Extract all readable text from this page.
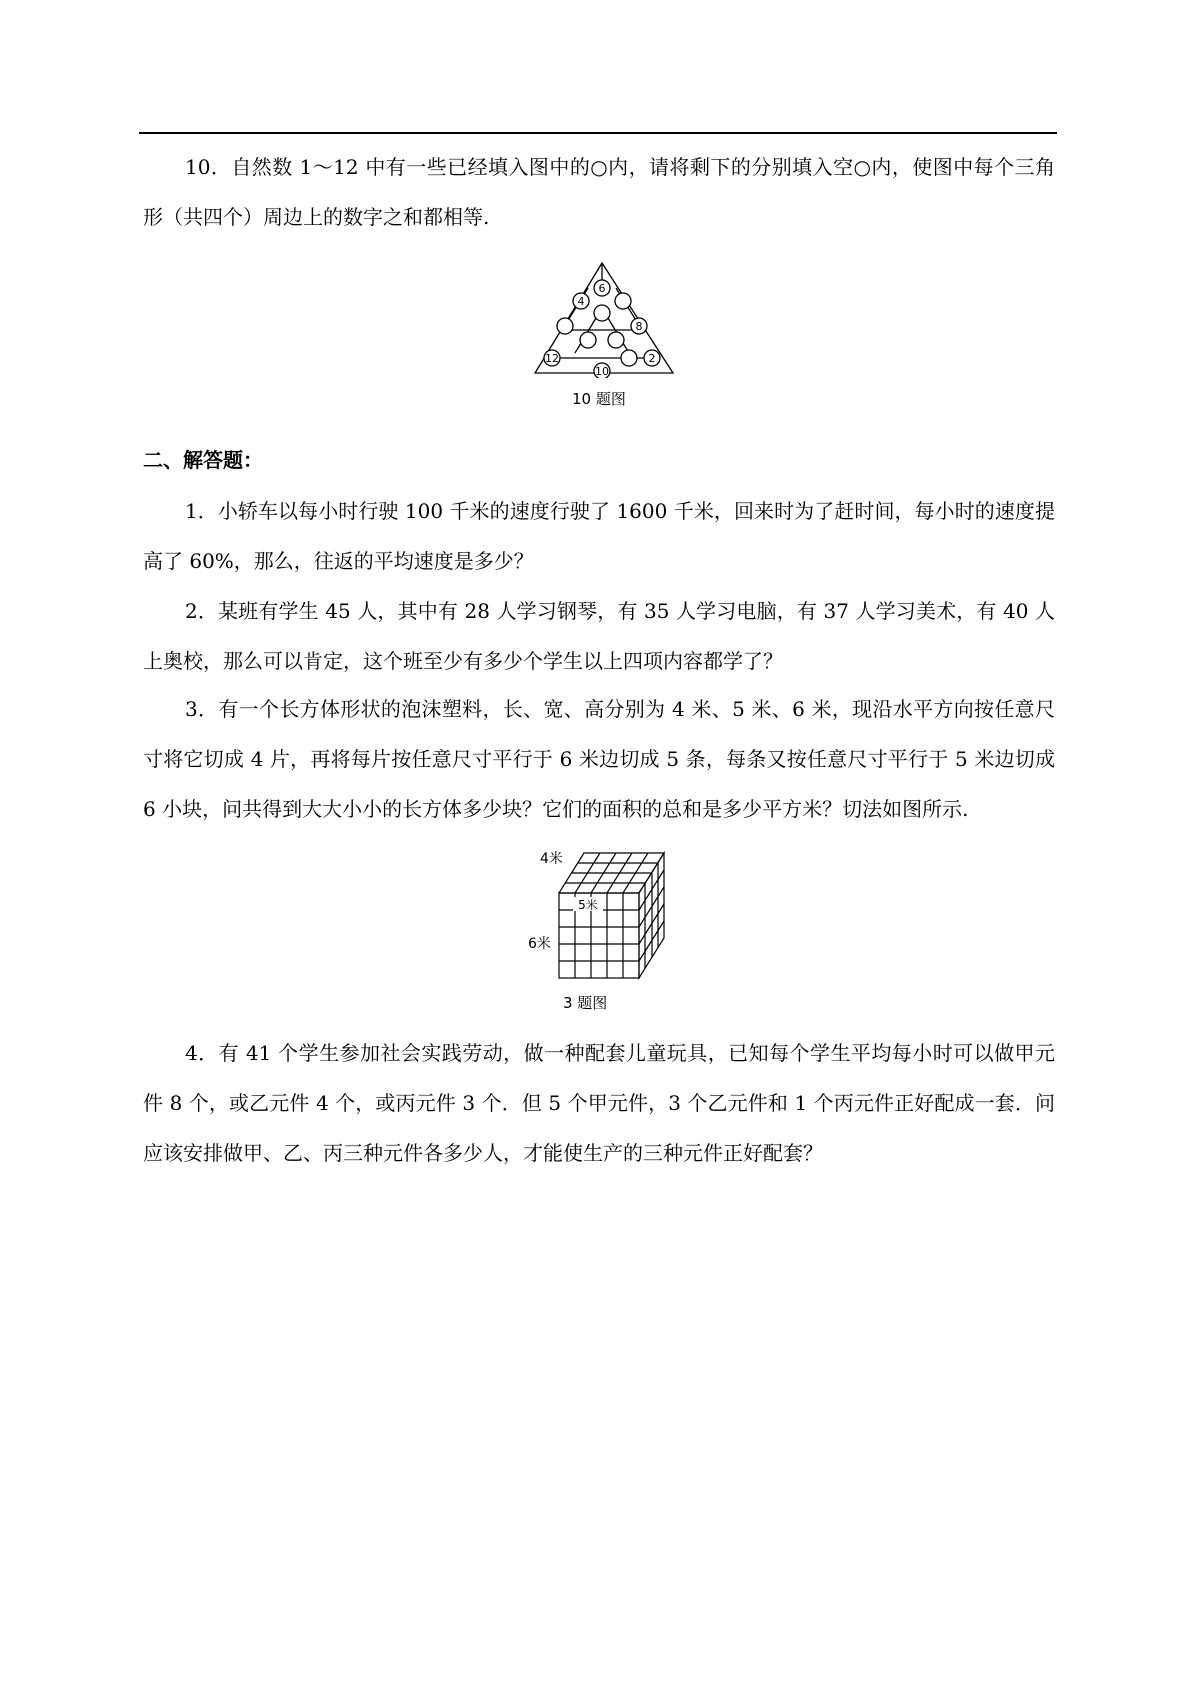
10．自然数 1～12 中有一些已经填入图中的○内，请将剩下的分别填入空○内，使图中每个三角形（共四个）周边上的数字之和都相等.
6
4
8
12	2
10
10 题图
二、解答题：
1．小轿车以每小时行驶 100 千米的速度行驶了 1600 千米，回来时为了赶时间，每小时的速度提高了 60%，那么，往返的平均速度是多少？
2．某班有学生 45 人，其中有 28 人学习钢琴，有 35 人学习电脑，有 37 人学习美术，有 40 人上奥校，那么可以肯定，这个班至少有多少个学生以上四项内容都学了？
3．有一个长方体形状的泡沫塑料，长、宽、高分别为 4 米、5 米、6 米，现沿水平方向按任意尺寸将它切成 4 片，再将每片按任意尺寸平行于 6 米边切成 5 条，每条又按任意尺寸平行于 5 米边切成 6 小块，问共得到大大小小的长方体多少块？它们的面积的总和是多少平方米？切法如图所示.
5米
4米
6米
3 题图
4．有 41 个学生参加社会实践劳动，做一种配套儿童玩具，已知每个学生平均每小时可以做甲元件 8 个，或乙元件 4 个，或丙元件 3 个．但 5 个甲元件，3 个乙元件和 1 个丙元件正好配成一套．问应该安排做甲、乙、丙三种元件各多少人，才能使生产的三种元件正好配套？
